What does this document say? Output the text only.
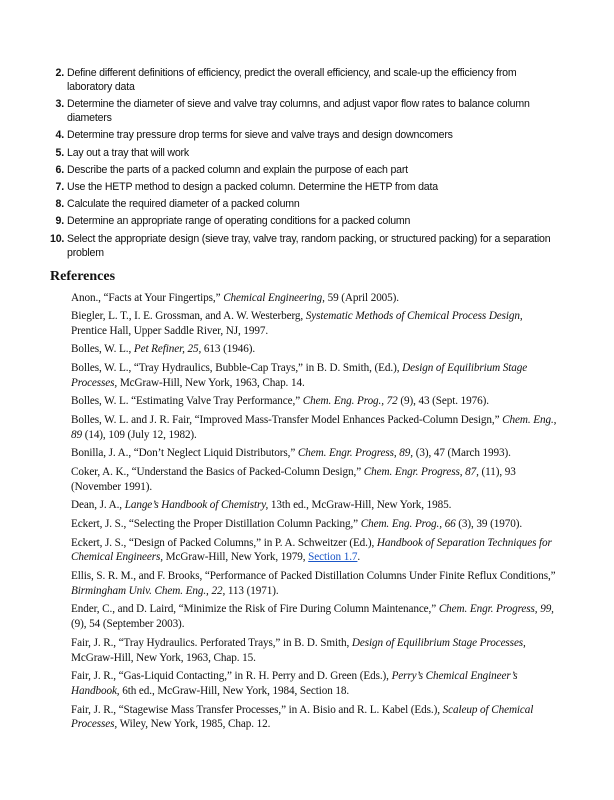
2 . Define different definitions of efficiency, predict the overall efficiency, and scale-up the efficiency from laboratory data
3 . Determine the diameter of sieve and valve tray columns, and adjust vapor flow rates to balance column diameters
4 . Determine tray pressure drop terms for sieve and valve trays and design downcomers
5 . Lay out a tray that will work
6 . Describe the parts of a packed column and explain the purpose of each part
7 . Use the HETP method to design a packed column. Determine the HETP from data
8 . Calculate the required diameter of a packed column
9 . Determine an appropriate range of operating conditions for a packed column
10 . Select the appropriate design (sieve tray, valve tray, random packing, or structured packing) for a separation problem
References
Anon., “Facts at Your Fingertips,” Chemical Engineering, 59 (April 2005).
Biegler, L. T., I. E. Grossman, and A. W. Westerberg, Systematic Methods of Chemical Process Design, Prentice Hall, Upper Saddle River, NJ, 1997.
Bolles, W. L., Pet Refiner, 25, 613 (1946).
Bolles, W. L., “Tray Hydraulics, Bubble-Cap Trays,” in B. D. Smith, (Ed.), Design of Equilibrium Stage Processes, McGraw-Hill, New York, 1963, Chap. 14.
Bolles, W. L. “Estimating Valve Tray Performance,” Chem. Eng. Prog., 72 (9), 43 (Sept. 1976).
Bolles, W. L. and J. R. Fair, “Improved Mass-Transfer Model Enhances Packed-Column Design,” Chem. Eng., 89 (14), 109 (July 12, 1982).
Bonilla, J. A., “Don’t Neglect Liquid Distributors,” Chem. Engr. Progress, 89, (3), 47 (March 1993).
Coker, A. K., “Understand the Basics of Packed-Column Design,” Chem. Engr. Progress, 87, (11), 93 (November 1991).
Dean, J. A., Lange’s Handbook of Chemistry, 13th ed., McGraw-Hill, New York, 1985.
Eckert, J. S., “Selecting the Proper Distillation Column Packing,” Chem. Eng. Prog., 66 (3), 39 (1970).
Eckert, J. S., “Design of Packed Columns,” in P. A. Schweitzer (Ed.), Handbook of Separation Techniques for Chemical Engineers, McGraw-Hill, New York, 1979, Section 1.7.
Ellis, S. R. M., and F. Brooks, “Performance of Packed Distillation Columns Under Finite Reflux Conditions,” Birmingham Univ. Chem. Eng., 22, 113 (1971).
Ender, C., and D. Laird, “Minimize the Risk of Fire During Column Maintenance,” Chem. Engr. Progress, 99, (9), 54 (September 2003).
Fair, J. R., “Tray Hydraulics. Perforated Trays,” in B. D. Smith, Design of Equilibrium Stage Processes, McGraw-Hill, New York, 1963, Chap. 15.
Fair, J. R., “Gas-Liquid Contacting,” in R. H. Perry and D. Green (Eds.), Perry’s Chemical Engineer’s Handbook, 6th ed., McGraw-Hill, New York, 1984, Section 18.
Fair, J. R., “Stagewise Mass Transfer Processes,” in A. Bisio and R. L. Kabel (Eds.), Scaleup of Chemical Processes, Wiley, New York, 1985, Chap. 12.
